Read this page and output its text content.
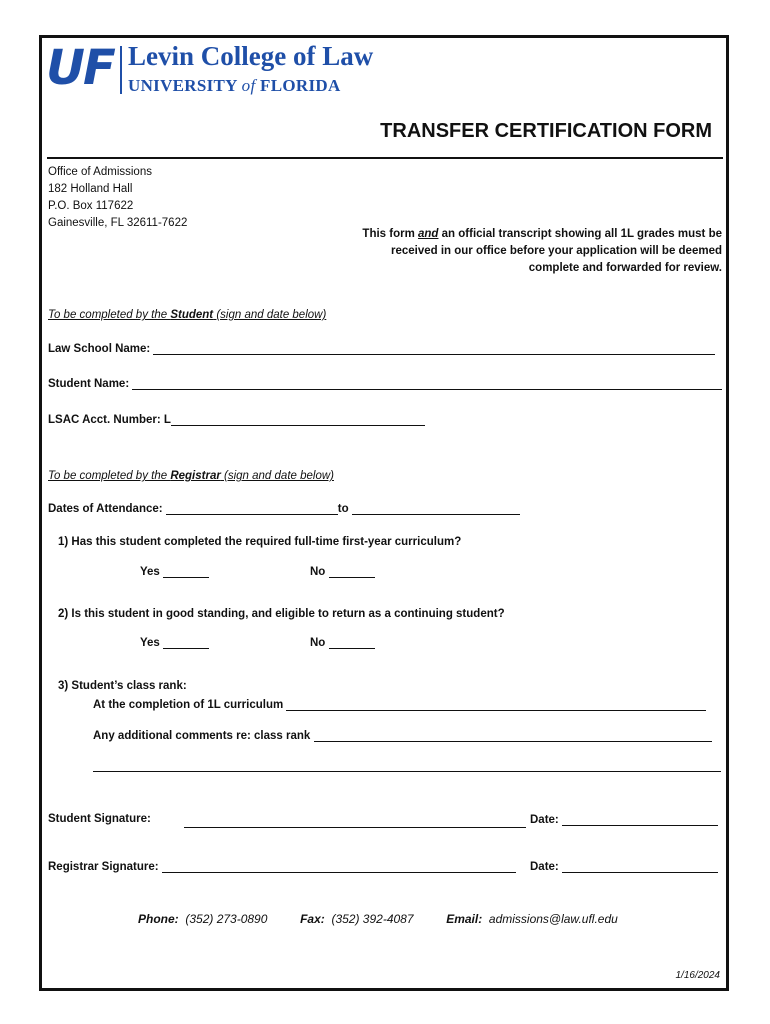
UF Levin College of Law
UNIVERSITY of FLORIDA
TRANSFER CERTIFICATION FORM
Office of Admissions
182 Holland Hall
P.O. Box 117622
Gainesville, FL 32611-7622
This form and an official transcript showing all 1L grades must be received in our office before your application will be deemed complete and forwarded for review.
To be completed by the Student (sign and date below)
Law School Name:
Student Name:
LSAC Acct. Number: L
To be completed by the Registrar (sign and date below)
Dates of Attendance:	to
1) Has this student completed the required full-time first-year curriculum?
Yes	No
2) Is this student in good standing, and eligible to return as a continuing student?
Yes	No
3) Student’s class rank:
At the completion of 1L curriculum
Any additional comments re: class rank
Student Signature:	Date:
Registrar Signature:	Date:
Phone: (352) 273-0890	Fax: (352) 392-4087	Email: admissions@law.ufl.edu
1/16/2024
